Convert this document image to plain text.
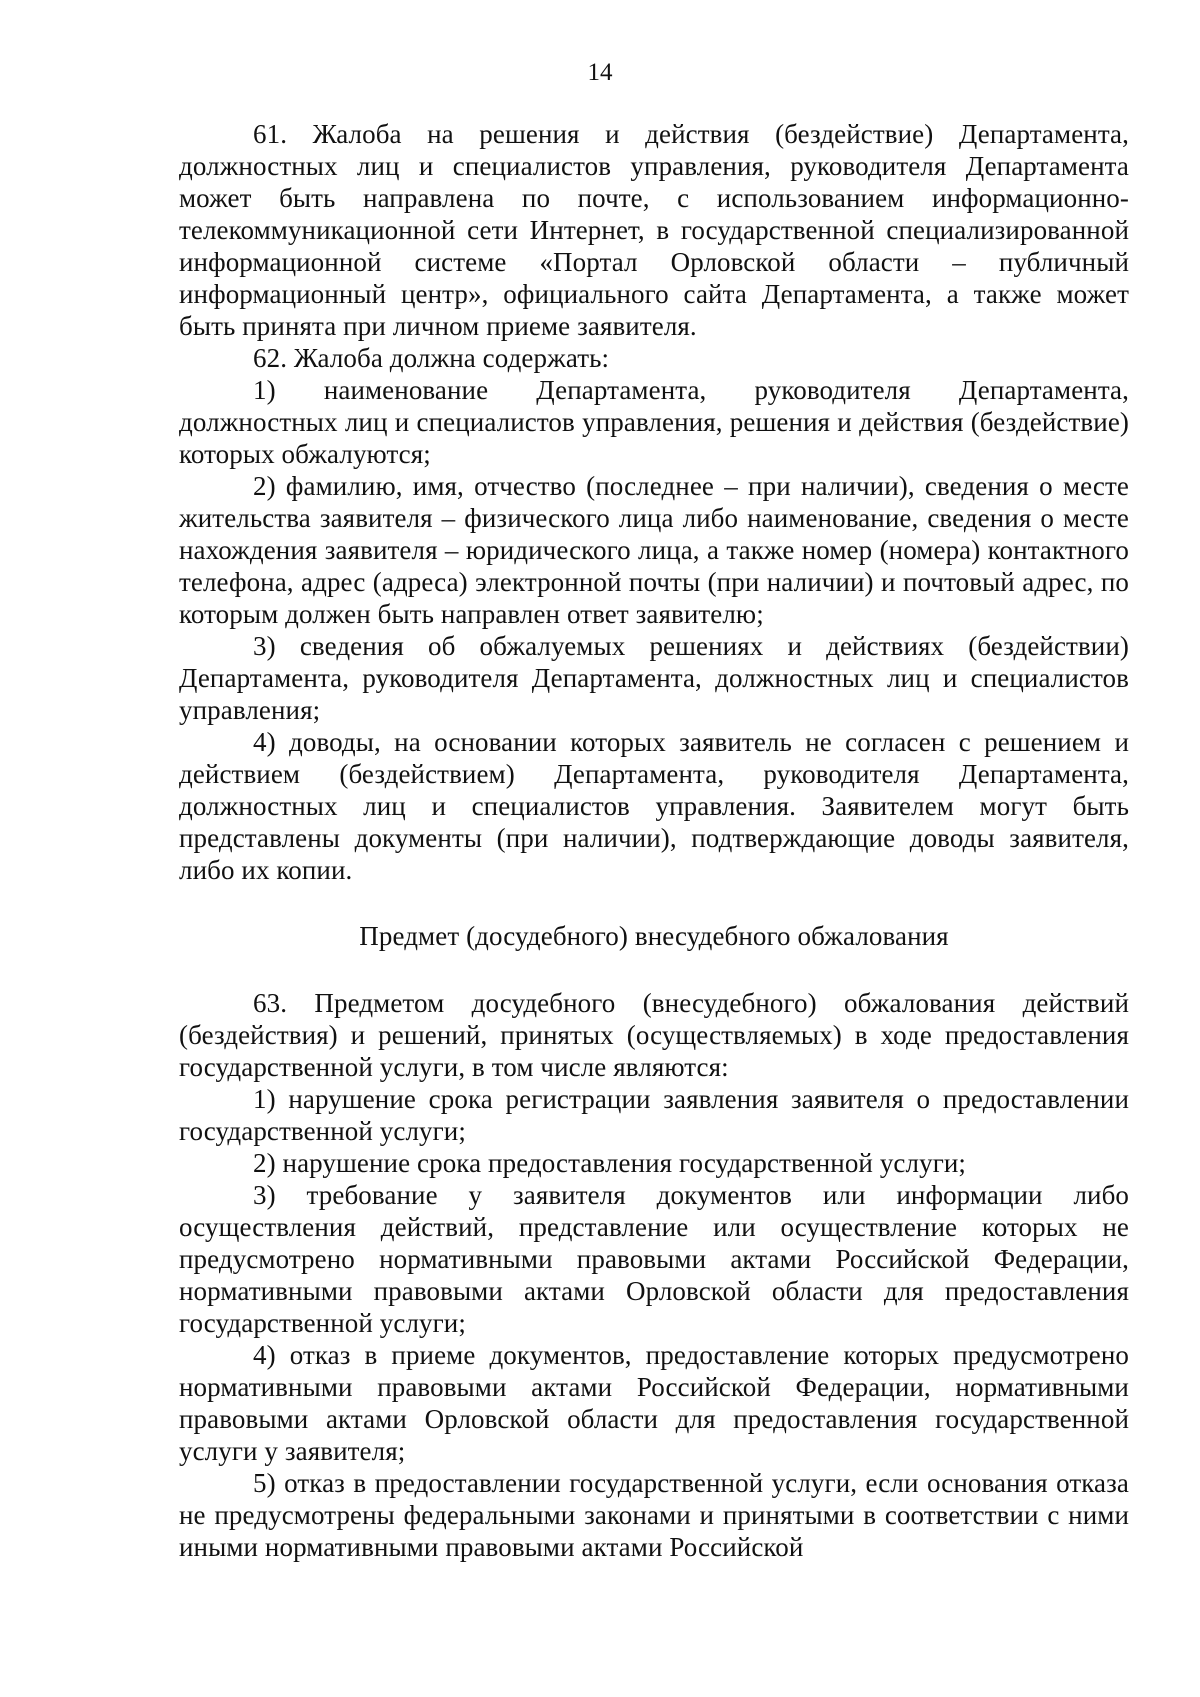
14

61. Жалоба на решения и действия (бездействие) Департамента, должностных лиц и специалистов управления, руководителя Департамента может быть направлена по почте, с использованием информационно-телекоммуникационной сети Интернет, в государственной специализированной информационной системе «Портал Орловской области – публичный информационный центр», официального сайта Департамента, а также может быть принята при личном приеме заявителя.

62. Жалоба должна содержать:

1) наименование Департамента, руководителя Департамента, должностных лиц и специалистов управления, решения и действия (бездействие) которых обжалуются;

2) фамилию, имя, отчество (последнее – при наличии), сведения о месте жительства заявителя – физического лица либо наименование, сведения о месте нахождения заявителя – юридического лица, а также номер (номера) контактного телефона, адрес (адреса) электронной почты (при наличии) и почтовый адрес, по которым должен быть направлен ответ заявителю;

3) сведения об обжалуемых решениях и действиях (бездействии) Департамента, руководителя Департамента, должностных лиц и специалистов управления;

4) доводы, на основании которых заявитель не согласен с решением и действием (бездействием) Департамента, руководителя Департамента, должностных лиц и специалистов управления. Заявителем могут быть представлены документы (при наличии), подтверждающие доводы заявителя, либо их копии.

Предмет (досудебного) внесудебного обжалования

63. Предметом досудебного (внесудебного) обжалования действий (бездействия) и решений, принятых (осуществляемых) в ходе предоставления государственной услуги, в том числе являются:

1) нарушение срока регистрации заявления заявителя о предоставлении государственной услуги;

2) нарушение срока предоставления государственной услуги;

3) требование у заявителя документов или информации либо осуществления действий, представление или осуществление которых не предусмотрено нормативными правовыми актами Российской Федерации, нормативными правовыми актами Орловской области для предоставления государственной услуги;

4) отказ в приеме документов, предоставление которых предусмотрено нормативными правовыми актами Российской Федерации, нормативными правовыми актами Орловской области для предоставления государственной услуги у заявителя;

5) отказ в предоставлении государственной услуги, если основания отказа не предусмотрены федеральными законами и принятыми в соответствии с ними иными нормативными правовыми актами Российской
